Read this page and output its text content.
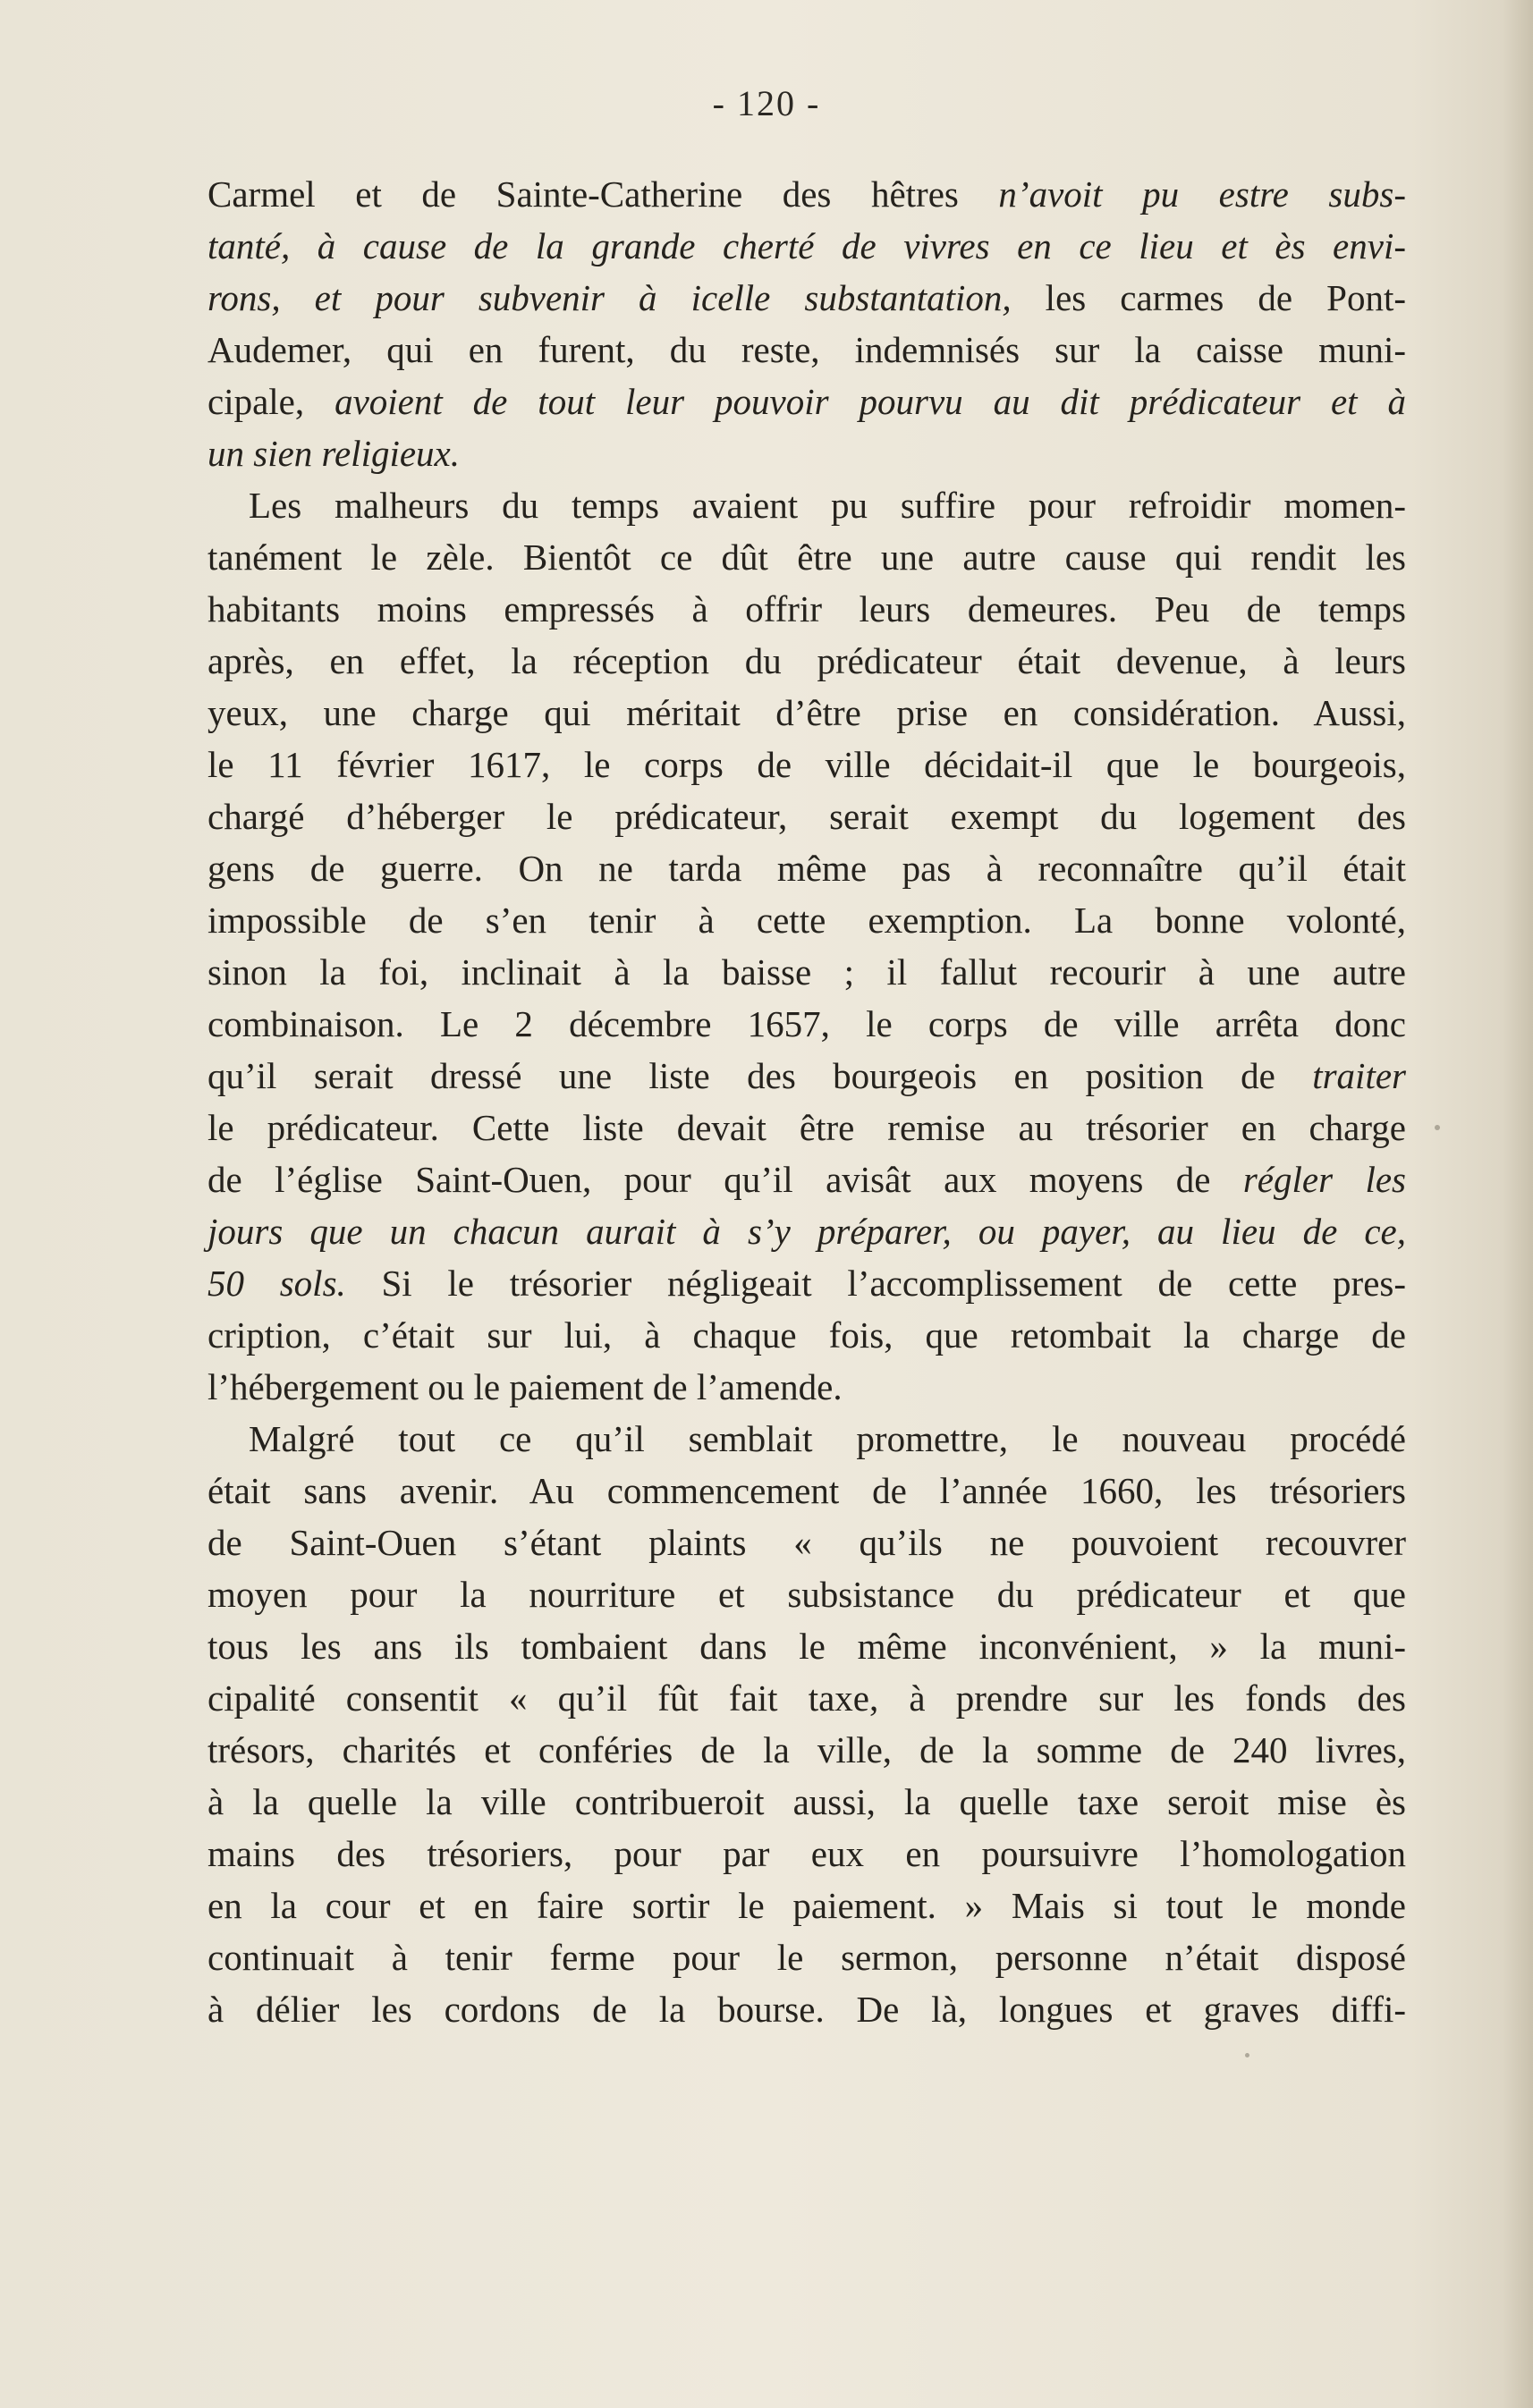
- 120 -
Carmel et de Sainte-Catherine des hêtres n’avoit pu estre subs-
tanté, à cause de la grande cherté de vivres en ce lieu et ès envi-
rons, et pour subvenir à icelle substantation, les carmes de Pont-
Audemer, qui en furent, du reste, indemnisés sur la caisse muni-
cipale, avoient de tout leur pouvoir pourvu au dit prédicateur et à
un sien religieux.
Les malheurs du temps avaient pu suffire pour refroidir momen-
tanément le zèle. Bientôt ce dût être une autre cause qui rendit les
habitants moins empressés à offrir leurs demeures. Peu de temps
après, en effet, la réception du prédicateur était devenue, à leurs
yeux, une charge qui méritait d’être prise en considération. Aussi,
le 11 février 1617, le corps de ville décidait-il que le bourgeois,
chargé d’héberger le prédicateur, serait exempt du logement des
gens de guerre. On ne tarda même pas à reconnaître qu’il était
impossible de s’en tenir à cette exemption. La bonne volonté,
sinon la foi, inclinait à la baisse ; il fallut recourir à une autre
combinaison. Le 2 décembre 1657, le corps de ville arrêta donc
qu’il serait dressé une liste des bourgeois en position de traiter
le prédicateur. Cette liste devait être remise au trésorier en charge
de l’église Saint-Ouen, pour qu’il avisât aux moyens de régler les
jours que un chacun aurait à s’y préparer, ou payer, au lieu de ce,
50 sols. Si le trésorier négligeait l’accomplissement de cette pres-
cription, c’était sur lui, à chaque fois, que retombait la charge de
l’hébergement ou le paiement de l’amende.
Malgré tout ce qu’il semblait promettre, le nouveau procédé
était sans avenir. Au commencement de l’année 1660, les trésoriers
de Saint-Ouen s’étant plaints « qu’ils ne pouvoient recouvrer
moyen pour la nourriture et subsistance du prédicateur et que
tous les ans ils tombaient dans le même inconvénient, » la muni-
cipalité consentit « qu’il fût fait taxe, à prendre sur les fonds des
trésors, charités et conféries de la ville, de la somme de 240 livres,
à la quelle la ville contribueroit aussi, la quelle taxe seroit mise ès
mains des trésoriers, pour par eux en poursuivre l’homologation
en la cour et en faire sortir le paiement. » Mais si tout le monde
continuait à tenir ferme pour le sermon, personne n’était disposé
à délier les cordons de la bourse. De là, longues et graves diffi-
